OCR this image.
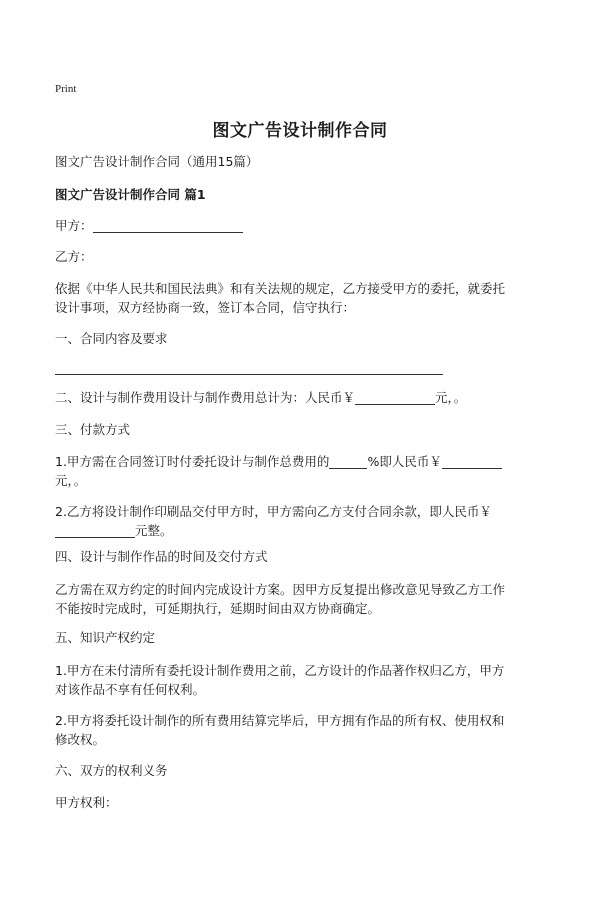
Print
图文广告设计制作合同
图文广告设计制作合同（通用15篇）
图文广告设计制作合同 篇1
甲方：
乙方：
依据《中华人民共和国民法典》和有关法规的规定，乙方接受甲方的委托，就委托
设计事项，双方经协商一致，签订本合同，信守执行：
一、合同内容及要求
二、设计与制作费用设计与制作费用总计为：人民币￥	元，。
三、付款方式
1.甲方需在合同签订时付委托设计与制作总费用的	%即人民币￥
元，。
2.乙方将设计制作印刷品交付甲方时，甲方需向乙方支付合同余款，即人民币￥
元整。
四、设计与制作作品的时间及交付方式
乙方需在双方约定的时间内完成设计方案。因甲方反复提出修改意见导致乙方工作
不能按时完成时，可延期执行，延期时间由双方协商确定。
五、知识产权约定
1.甲方在未付清所有委托设计制作费用之前，乙方设计的作品著作权归乙方，甲方
对该作品不享有任何权利。
2.甲方将委托设计制作的所有费用结算完毕后，甲方拥有作品的所有权、使用权和
修改权。
六、双方的权利义务
甲方权利：
